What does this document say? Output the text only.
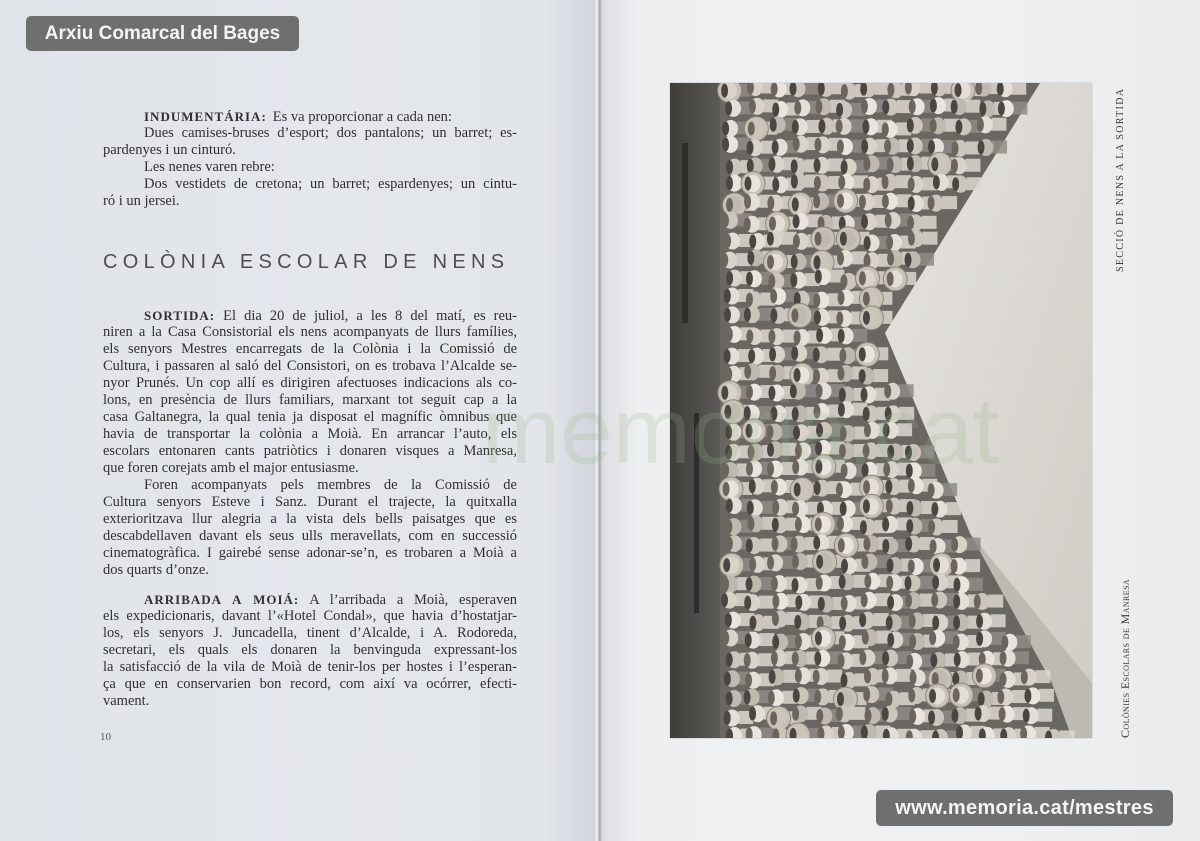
INDUMENTÁRIA: Es va proporcionar a cada nen:
Dues camises-bruses d’esport; dos pantalons; un barret; es-
pardenyes i un cinturó.
Les nenes varen rebre:
Dos vestidets de cretona; un barret; espardenyes; un cintu-
ró i un jersei.
COLÒNIA ESCOLAR DE NENS
SORTIDA: El dia 20 de juliol, a les 8 del matí, es reu-
niren a la Casa Consistorial els nens acompanyats de llurs famílies,
els senyors Mestres encarregats de la Colònia i la Comissió de
Cultura, i passaren al saló del Consistori, on es trobava l’Alcalde se-
nyor Prunés. Un cop allí es dirigiren afectuoses indicacions als co-
lons, en presència de llurs familiars, marxant tot seguit cap a la
casa Galtanegra, la qual tenia ja disposat el magnífic òmnibus que
havia de transportar la colònia a Moià. En arrancar l’auto, els
escolars entonaren cants patriòtics i donaren visques a Manresa,
que foren corejats amb el major entusiasme.
Foren acompanyats pels membres de la Comissió de
Cultura senyors Esteve i Sanz. Durant el trajecte, la quitxalla
exterioritzava llur alegria a la vista dels bells paisatges que es
descabdellaven davant els seus ulls meravellats, com en successió
cinematogràfica. I gairebé sense adonar-se’n, es trobaren a Moià a
dos quarts d’onze.
ARRIBADA A MOIÁ: A l’arribada a Moià, esperaven
els expedicionaris, davant l’«Hotel Condal», que havia d’hostatjar-
los, els senyors J. Juncadella, tinent d’Alcalde, i A. Rodoreda,
secretari, els quals els donaren la benvinguda expressant-los
la satisfacció de la vila de Moià de tenir-los per hostes i l’esperan-
ça que en conservarien bon record, com així va ocórrer, efecti-
vament.
10
SECCIÓ DE NENS A LA SORTIDA
Colònies Escolars de Manresa
memoria.cat
Arxiu Comarcal del Bages
www.memoria.cat/mestres
